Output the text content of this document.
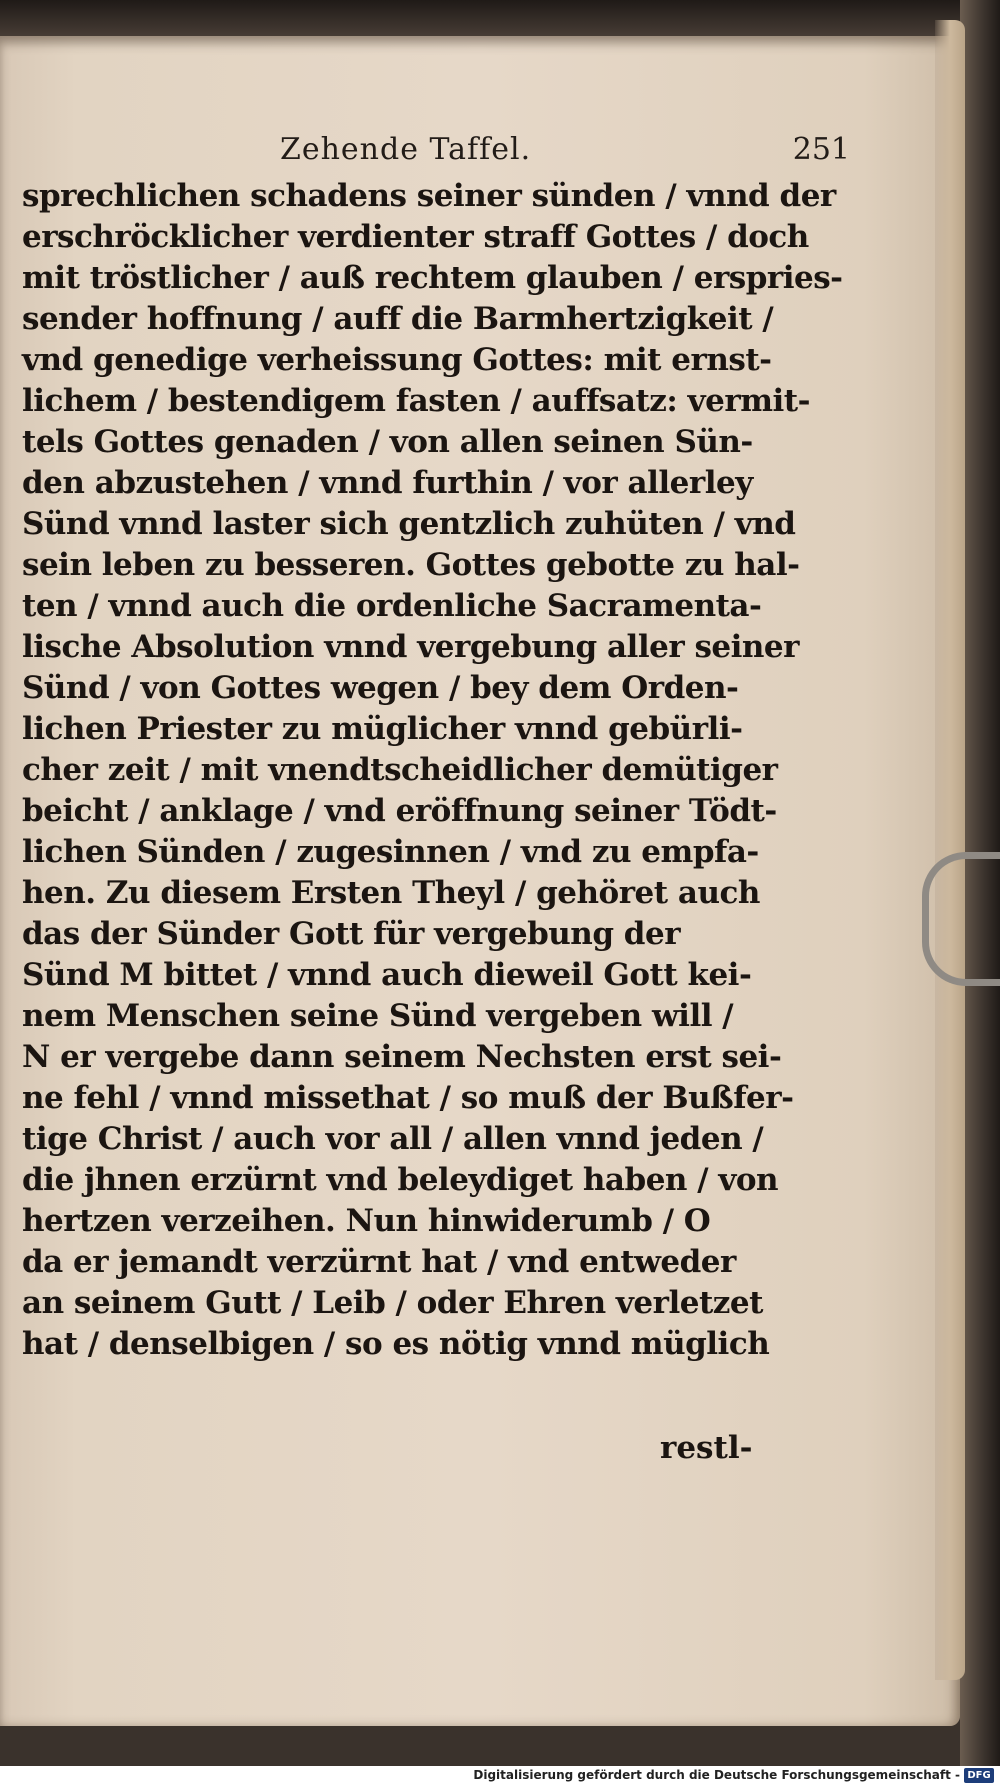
Zehende Taffel.	251
sprechlichen schadens seiner sünden / vnnd der
erschröcklicher verdienter straff Gottes / doch
mit tröstlicher / auß rechtem glauben / erspries-
sender hoffnung / auff die Barmhertzigkeit /
vnd genedige verheissung Gottes: mit ernst-
lichem / bestendigem fasten / auffsatz: vermit-
tels Gottes genaden / von allen seinen Sün-
den abzustehen / vnnd furthin / vor allerley
Sünd vnnd laster sich gentzlich zuhüten / vnd
sein leben zu besseren. Gottes gebotte zu hal-
ten / vnnd auch die ordenliche Sacramenta-
lische Absolution vnnd vergebung aller seiner
Sünd / von Gottes wegen / bey dem Orden-
lichen Priester zu müglicher vnnd gebürli-
cher zeit / mit vnendtscheidlicher demütiger
beicht / anklage / vnd eröffnung seiner Tödt-
lichen Sünden / zugesinnen / vnd zu empfa-
hen. Zu diesem Ersten Theyl / gehöret auch
das der Sünder Gott für vergebung der
Sünd M bittet / vnnd auch dieweil Gott kei-
nem Menschen seine Sünd vergeben will /
N er vergebe dann seinem Nechsten erst sei-
ne fehl / vnnd missethat / so muß der Bußfer-
tige Christ / auch vor all / allen vnnd jeden /
die jhnen erzürnt vnd beleydiget haben / von
hertzen verzeihen. Nun hinwiderumb / O
da er jemandt verzürnt hat / vnd entweder
an seinem Gutt / Leib / oder Ehren verletzet
hat / denselbigen / so es nötig vnnd müglich
restl-
Digitalisierung gefördert durch die Deutsche Forschungsgemeinschaft - DFG
